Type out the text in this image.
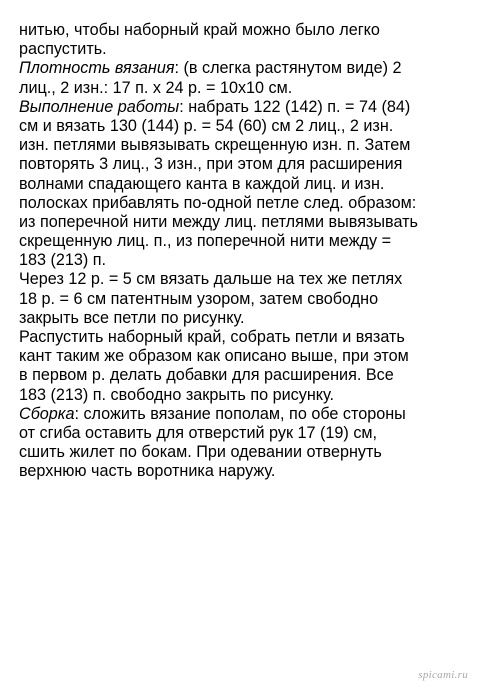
нитью, чтобы наборный край можно было легко
распустить.
Плотность вязания: (в слегка растянутом виде) 2
лиц., 2 изн.: 17 п. х 24 р. = 10х10 см.
Выполнение работы: набрать 122 (142) п. = 74 (84)
см и вязать 130 (144) р. = 54 (60) см 2 лиц., 2 изн.
изн. петлями вывязывать скрещенную изн. п. Затем
повторять 3 лиц., 3 изн., при этом для расширения
волнами спадающего канта в каждой лиц. и изн.
полосках прибавлять по-одной петле след. образом:
из поперечной нити между лиц. петлями вывязывать
скрещенную лиц. п., из поперечной нити между =
183 (213) п.
Через 12 р. = 5 см вязать дальше на тех же петлях
18 р. = 6 см патентным узором, затем свободно
закрыть все петли по рисунку.
Распустить наборный край, собрать петли и вязать
кант таким же образом как описано выше, при этом
в первом р. делать добавки для расширения. Все
183 (213) п. свободно закрыть по рисунку.
Сборка: сложить вязание пополам, по обе стороны
от сгиба оставить для отверстий рук 17 (19) см,
сшить жилет по бокам. При одевании отвернуть
верхнюю часть воротника наружу.
spicami.ru
